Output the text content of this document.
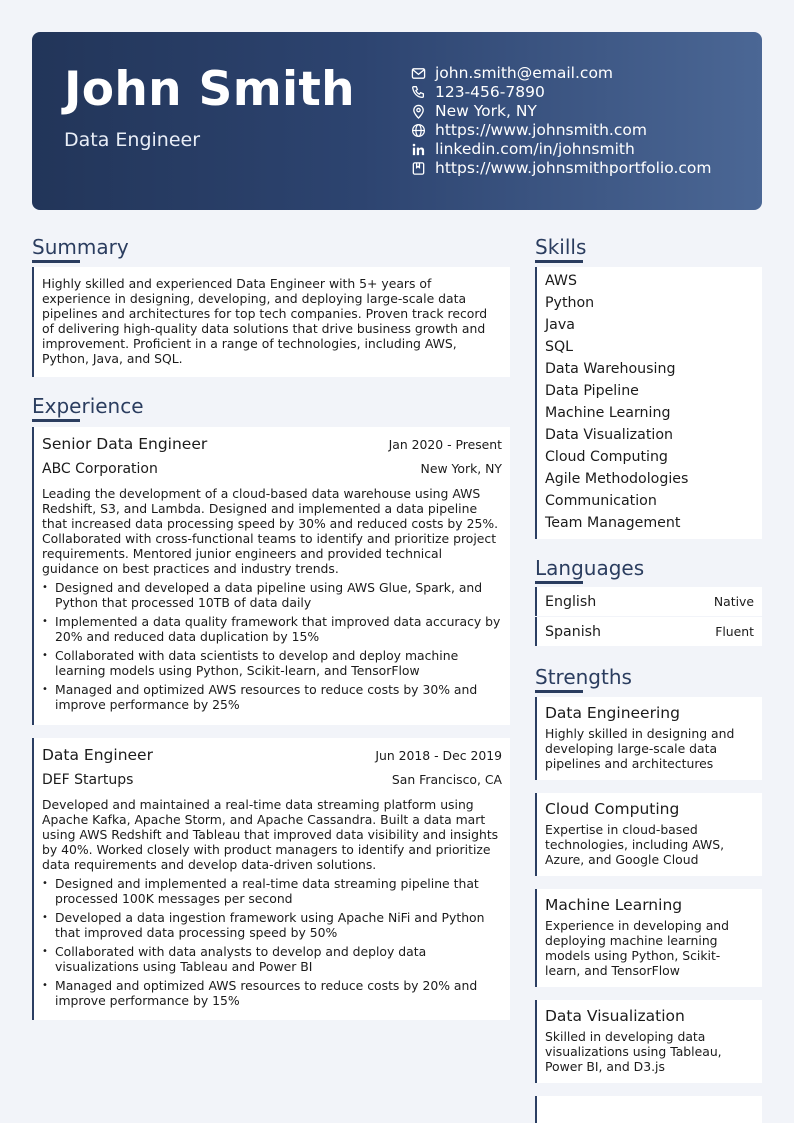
John Smith
Data Engineer
john.smith@email.com
123-456-7890
New York, NY
https://www.johnsmith.com
linkedin.com/in/johnsmith
https://www.johnsmithportfolio.com
Summary
Highly skilled and experienced Data Engineer with 5+ years of experience in designing, developing, and deploying large-scale data pipelines and architectures for top tech companies. Proven track record of delivering high-quality data solutions that drive business growth and improvement. Proficient in a range of technologies, including AWS, Python, Java, and SQL.
Experience
Senior Data Engineer	Jan 2020 - Present
ABC Corporation	New York, NY
Leading the development of a cloud-based data warehouse using AWS Redshift, S3, and Lambda. Designed and implemented a data pipeline that increased data processing speed by 30% and reduced costs by 25%. Collaborated with cross-functional teams to identify and prioritize project requirements. Mentored junior engineers and provided technical guidance on best practices and industry trends.
• Designed and developed a data pipeline using AWS Glue, Spark, and Python that processed 10TB of data daily
• Implemented a data quality framework that improved data accuracy by 20% and reduced data duplication by 15%
• Collaborated with data scientists to develop and deploy machine learning models using Python, Scikit-learn, and TensorFlow
• Managed and optimized AWS resources to reduce costs by 30% and improve performance by 25%
Data Engineer	Jun 2018 - Dec 2019
DEF Startups	San Francisco, CA
Developed and maintained a real-time data streaming platform using Apache Kafka, Apache Storm, and Apache Cassandra. Built a data mart using AWS Redshift and Tableau that improved data visibility and insights by 40%. Worked closely with product managers to identify and prioritize data requirements and develop data-driven solutions.
• Designed and implemented a real-time data streaming pipeline that processed 100K messages per second
• Developed a data ingestion framework using Apache NiFi and Python that improved data processing speed by 50%
• Collaborated with data analysts to develop and deploy data visualizations using Tableau and Power BI
• Managed and optimized AWS resources to reduce costs by 20% and improve performance by 15%
Skills
AWS
Python
Java
SQL
Data Warehousing
Data Pipeline
Machine Learning
Data Visualization
Cloud Computing
Agile Methodologies
Communication
Team Management
Languages
English	Native
Spanish	Fluent
Strengths
Data Engineering
Highly skilled in designing and developing large-scale data pipelines and architectures
Cloud Computing
Expertise in cloud-based technologies, including AWS, Azure, and Google Cloud
Machine Learning
Experience in developing and deploying machine learning models using Python, Scikit-learn, and TensorFlow
Data Visualization
Skilled in developing data visualizations using Tableau, Power BI, and D3.js
